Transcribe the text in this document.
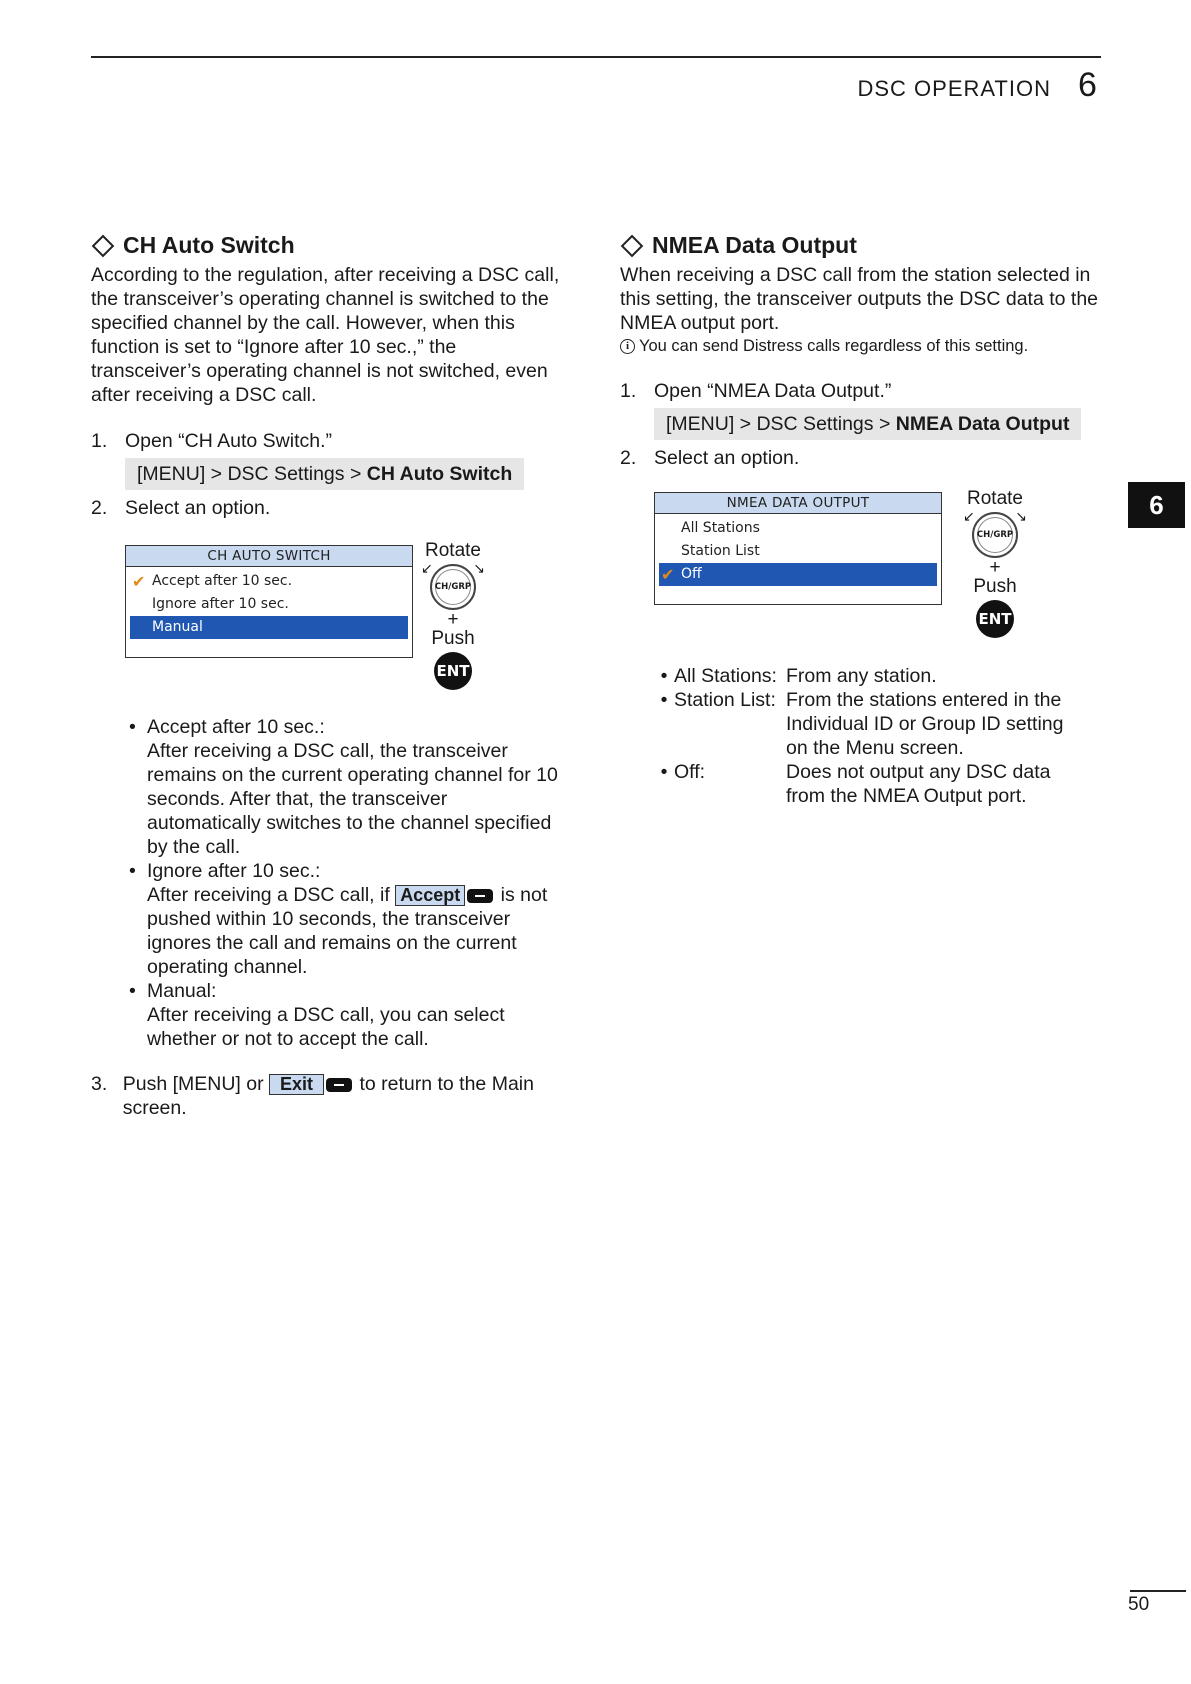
DSC OPERATION 6
6
CH Auto Switch

According to the regulation, after receiving a DSC call, the transceiver’s operating channel is switched to the specified channel by the call. However, when this function is set to “Ignore after 10 sec.,” the transceiver’s operating channel is not switched, even after receiving a DSC call.

1. Open “CH Auto Switch.”
[MENU] > DSC Settings > CH Auto Switch
2. Select an option.
CH AUTO SWITCH
✔ Accept after 10 sec.
Ignore after 10 sec.
Manual
Rotate
↙	↘
CH/GRP
+
Push
ENT
• Accept after 10 sec.:
After receiving a DSC call, the transceiver remains on the current operating channel for 10 seconds. After that, the transceiver automatically switches to the channel specified by the call.
• Ignore after 10 sec.:
After receiving a DSC call, if Accept is not pushed within 10 seconds, the transceiver ignores the call and remains on the current operating channel.
• Manual:
After receiving a DSC call, you can select whether or not to accept the call.
3. Push [MENU] or Exit to return to the Main screen.
NMEA Data Output

When receiving a DSC call from the station selected in this setting, the transceiver outputs the DSC data to the NMEA output port.

i You can send Distress calls regardless of this setting.

1. Open “NMEA Data Output.”
[MENU] > DSC Settings > NMEA Data Output
2. Select an option.
NMEA DATA OUTPUT
All Stations
Station List
✔ Off
Rotate
↙	↘
CH/GRP
+
Push
ENT
• All Stations: From any station.
• Station List: From the stations entered in the Individual ID or Group ID setting on the Menu screen.
• Off:	Does not output any DSC data from the NMEA Output port.
50
